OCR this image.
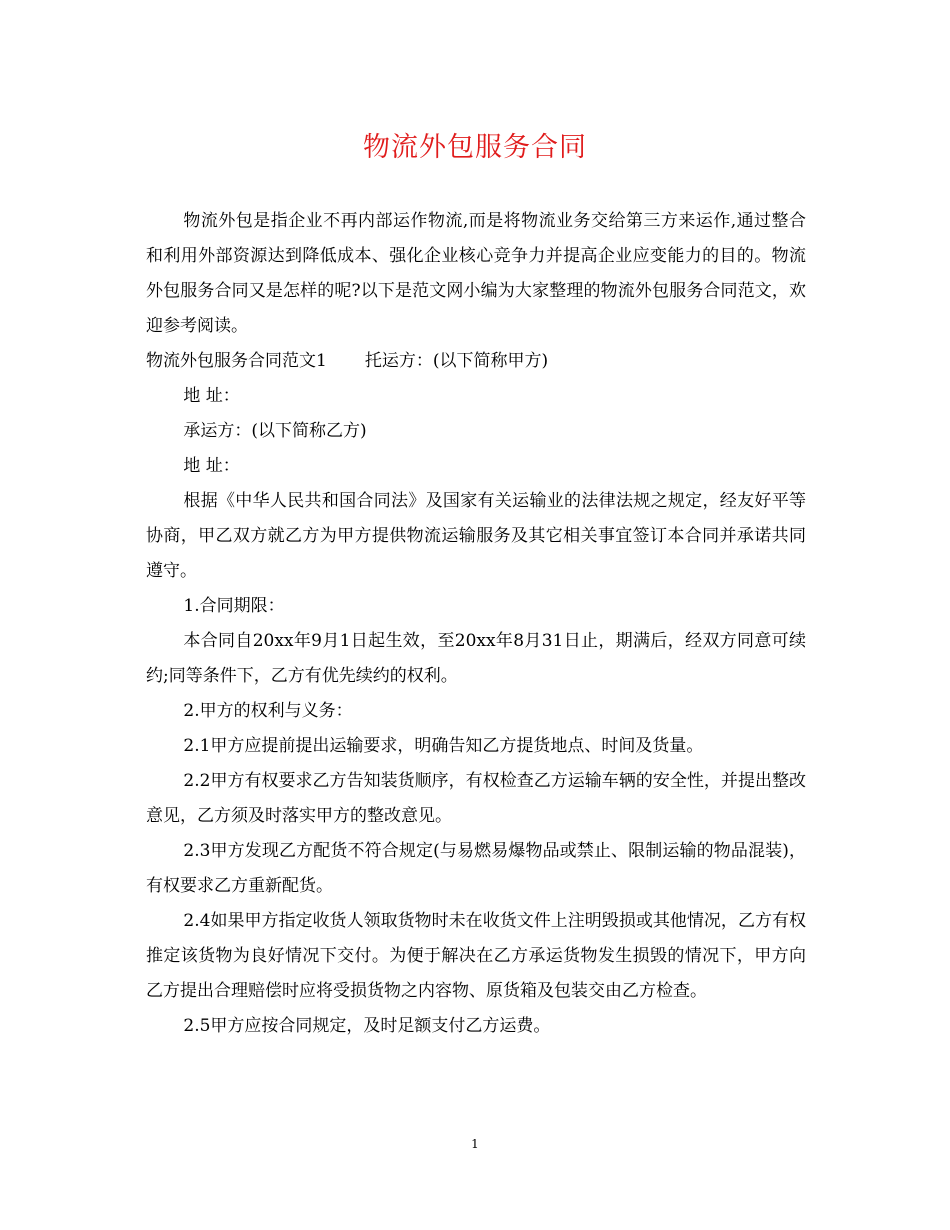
物流外包服务合同

物流外包是指企业不再内部运作物流,而是将物流业务交给第三方来运作,通过整合和利用外部资源达到降低成本、强化企业核心竞争力并提高企业应变能力的目的。物流外包服务合同又是怎样的呢?以下是范文网小编为大家整理的物流外包服务合同范文，欢迎参考阅读。

物流外包服务合同范文1 托运方：(以下简称甲方)

地 址：

承运方：(以下简称乙方)

地 址：

根据《中华人民共和国合同法》及国家有关运输业的法律法规之规定，经友好平等协商，甲乙双方就乙方为甲方提供物流运输服务及其它相关事宜签订本合同并承诺共同遵守。

1.合同期限：

本合同自20xx年9月1日起生效，至20xx年8月31日止，期满后，经双方同意可续约;同等条件下，乙方有优先续约的权利。

2.甲方的权利与义务：

2.1甲方应提前提出运输要求，明确告知乙方提货地点、时间及货量。

2.2甲方有权要求乙方告知装货顺序，有权检查乙方运输车辆的安全性，并提出整改意见，乙方须及时落实甲方的整改意见。

2.3甲方发现乙方配货不符合规定(与易燃易爆物品或禁止、限制运输的物品混装)，有权要求乙方重新配货。

2.4如果甲方指定收货人领取货物时未在收货文件上注明毁损或其他情况，乙方有权推定该货物为良好情况下交付。为便于解决在乙方承运货物发生损毁的情况下，甲方向乙方提出合理赔偿时应将受损货物之内容物、原货箱及包装交由乙方检查。

2.5甲方应按合同规定，及时足额支付乙方运费。

1
